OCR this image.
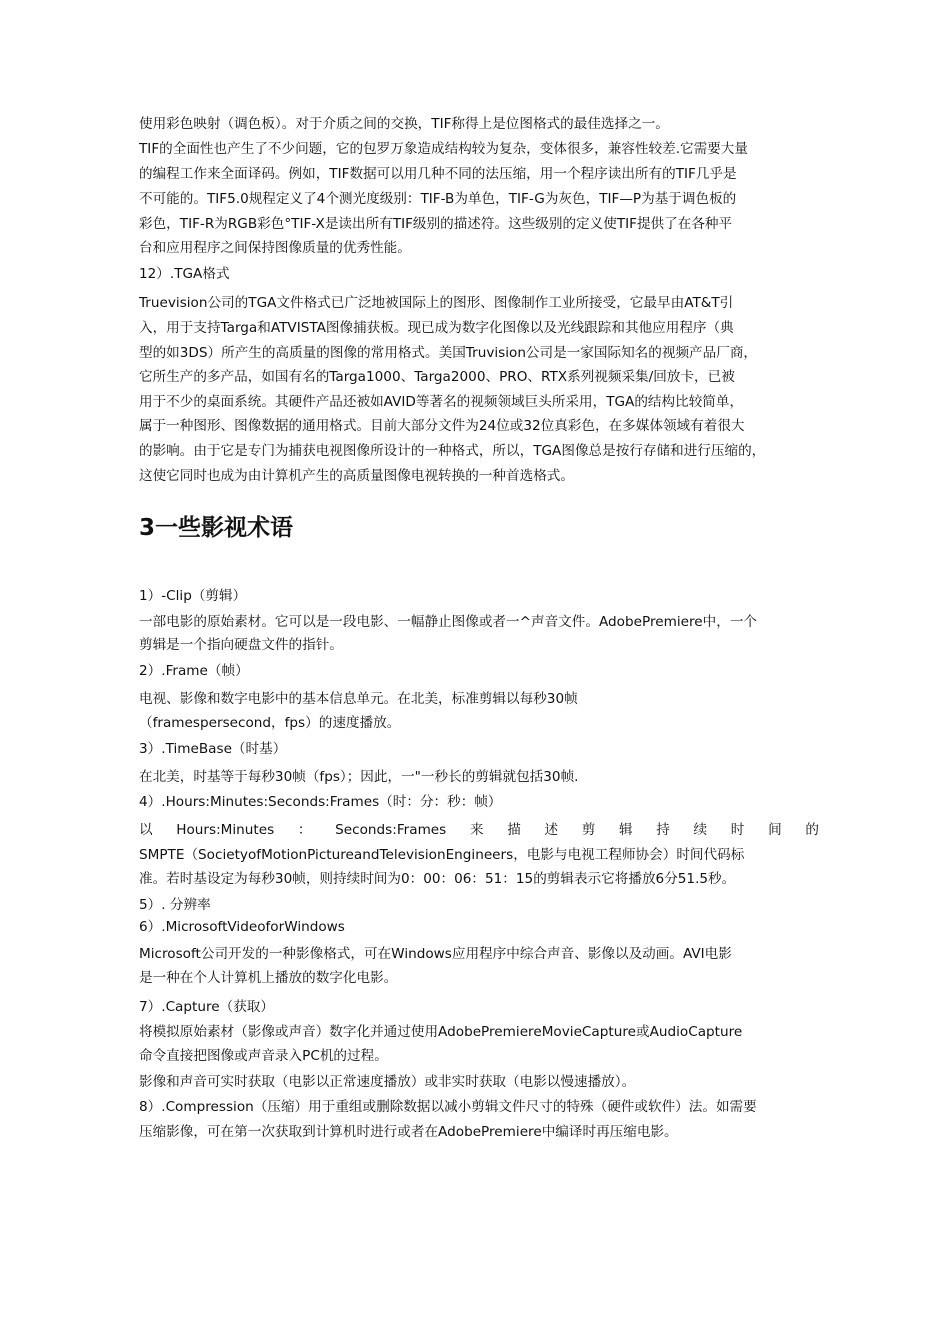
使用彩色映射（调色板）。对于介质之间的交换，TIF称得上是位图格式的最佳选择之一。

TIF的全面性也产生了不少问题，它的包罗万象造成结构较为复杂，变体很多，兼容性较差.它需要大量

的编程工作来全面译码。例如，TIF数据可以用几种不同的法压缩，用一个程序读出所有的TIF几乎是

不可能的。TIF5.0规程定义了4个测光度级别：TIF-B为单色，TIF-G为灰色，TIF—P为基于调色板的

彩色，TIF-R为RGB彩色°TIF-X是读出所有TIF级别的描述符。这些级别的定义使TIF提供了在各种平

台和应用程序之间保持图像质量的优秀性能。

12）.TGA格式

Truevision公司的TGA文件格式已广泛地被国际上的图形、图像制作工业所接受，它最早由AT&T引

入，用于支持Targa和ATVISTA图像捕获板。现已成为数字化图像以及光线跟踪和其他应用程序（典

型的如3DS）所产生的高质量的图像的常用格式。美国Truvision公司是一家国际知名的视频产品厂商，

它所生产的多产品，如国有名的Targa1000、Targa2000、PRO、RTX系列视频采集/回放卡，已被

用于不少的桌面系统。其硬件产品还被如AVID等著名的视频领域巨头所采用，TGA的结构比较简单，

属于一种图形、图像数据的通用格式。目前大部分文件为24位或32位真彩色，在多媒体领域有着很大

的影响。由于它是专门为捕获电视图像所设计的一种格式，所以，TGA图像总是按行存储和进行压缩的，

这使它同时也成为由计算机产生的高质量图像电视转换的一种首选格式。

3一些影视术语

1）-Clip（剪辑）

一部电影的原始素材。它可以是一段电影、一幅静止图像或者一^声音文件。AdobePremiere中，一个

剪辑是一个指向硬盘文件的指针。

2）.Frame（帧）

电视、影像和数字电影中的基本信息单元。在北美，标准剪辑以每秒30帧

（framespersecond，fps）的速度播放。

3）.TimeBase（时基）

在北美，时基等于每秒30帧（fps）；因此，一"一秒长的剪辑就包括30帧.

4）.Hours:Minutes:Seconds:Frames（时：分：秒：帧）

以 Hours:Minutes ： Seconds:Frames 来 描 述 剪 辑 持 续 时 间 的

SMPTE（SocietyofMotionPictureandTelevisionEngineers，电影与电视工程师协会）时间代码标

准。若时基设定为每秒30帧，则持续时间为0：00：06：51：15的剪辑表示它将播放6分51.5秒。

5）. 分辨率

6）.MicrosoftVideoforWindows

Microsoft公司开发的一种影像格式，可在Windows应用程序中综合声音、影像以及动画。AVI电影

是一种在个人计算机上播放的数字化电影。

7）.Capture（获取）

将模拟原始素材（影像或声音）数字化并通过使用AdobePremiereMovieCapture或AudioCapture

命令直接把图像或声音录入PC机的过程。

影像和声音可实时获取（电影以正常速度播放）或非实时获取（电影以慢速播放）。

8）.Compression（压缩）用于重组或删除数据以减小剪辑文件尺寸的特殊（硬件或软件）法。如需要

压缩影像，可在第一次获取到计算机时进行或者在AdobePremiere中编译时再压缩电影。
